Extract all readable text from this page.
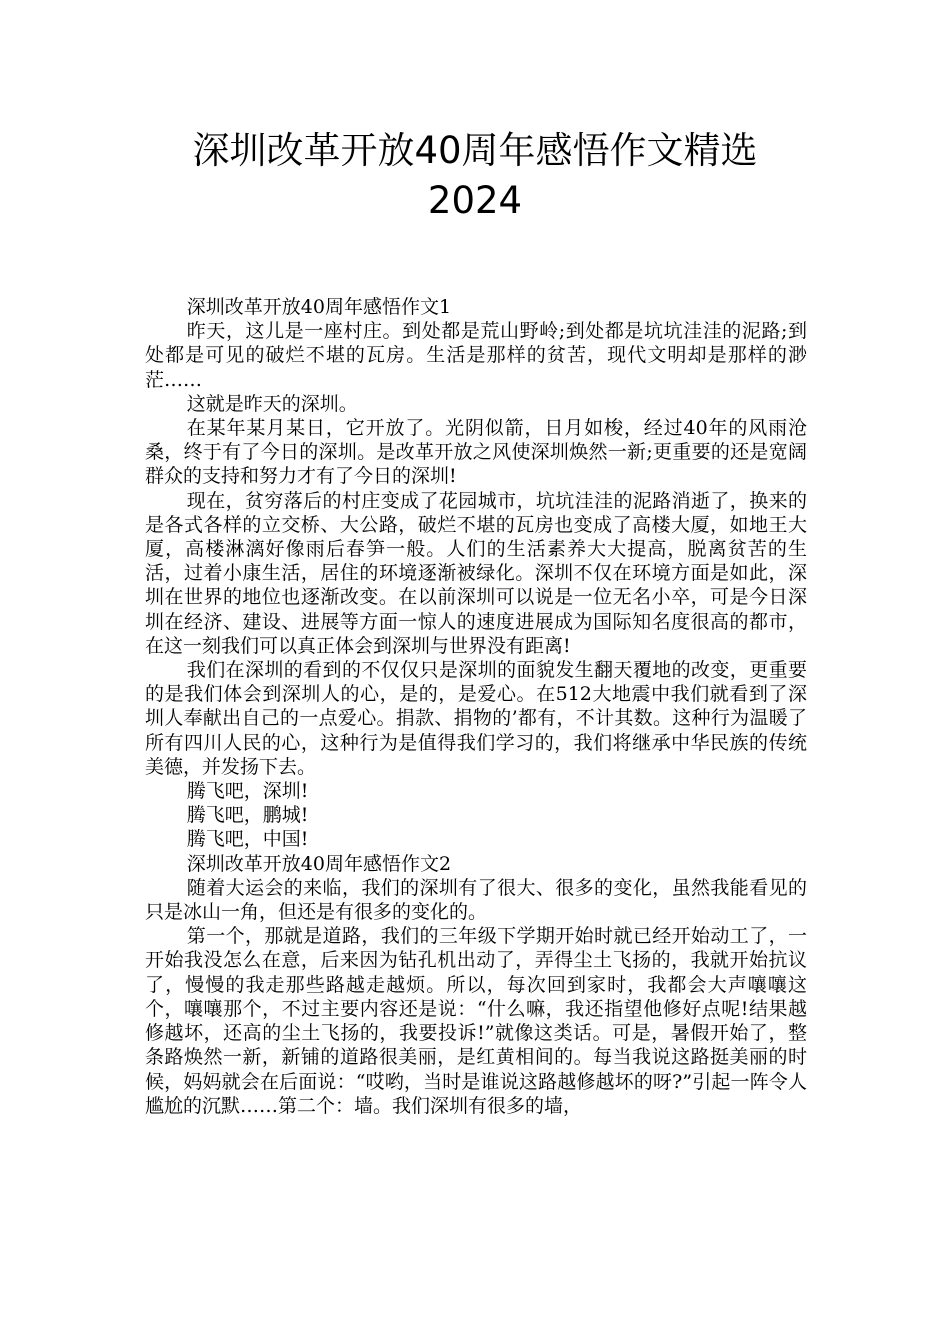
深圳改革开放40周年感悟作文精选
2024

深圳改革开放40周年感悟作文1

昨天，这儿是一座村庄。到处都是荒山野岭;到处都是坑坑洼洼的泥路;到处都是可见的破烂不堪的瓦房。生活是那样的贫苦，现代文明却是那样的渺茫……

这就是昨天的深圳。

在某年某月某日，它开放了。光阴似箭，日月如梭，经过40年的风雨沧桑，终于有了今日的深圳。是改革开放之风使深圳焕然一新;更重要的还是宽阔群众的支持和努力才有了今日的深圳!

现在，贫穷落后的村庄变成了花园城市，坑坑洼洼的泥路消逝了，换来的是各式各样的立交桥、大公路，破烂不堪的瓦房也变成了高楼大厦，如地王大厦，高楼淋漓好像雨后春笋一般。人们的生活素养大大提高，脱离贫苦的生活，过着小康生活，居住的环境逐渐被绿化。深圳不仅在环境方面是如此，深圳在世界的地位也逐渐改变。在以前深圳可以说是一位无名小卒，可是今日深圳在经济、建设、进展等方面一惊人的速度进展成为国际知名度很高的都市，在这一刻我们可以真正体会到深圳与世界没有距离!

我们在深圳的看到的不仅仅只是深圳的面貌发生翻天覆地的改变，更重要的是我们体会到深圳人的心，是的，是爱心。在512大地震中我们就看到了深圳人奉献出自己的一点爱心。捐款、捐物的’都有，不计其数。这种行为温暖了所有四川人民的心，这种行为是值得我们学习的，我们将继承中华民族的传统美德，并发扬下去。

腾飞吧，深圳!

腾飞吧，鹏城!

腾飞吧，中国!

深圳改革开放40周年感悟作文2

随着大运会的来临，我们的深圳有了很大、很多的变化，虽然我能看见的只是冰山一角，但还是有很多的变化的。

第一个，那就是道路，我们的三年级下学期开始时就已经开始动工了，一开始我没怎么在意，后来因为钻孔机出动了，弄得尘土飞扬的，我就开始抗议了，慢慢的我走那些路越走越烦。所以，每次回到家时，我都会大声嚷嚷这个，嚷嚷那个，不过主要内容还是说：“什么嘛，我还指望他修好点呢!结果越修越坏，还高的尘土飞扬的，我要投诉!”就像这类话。可是，暑假开始了，整条路焕然一新，新铺的道路很美丽，是红黄相间的。每当我说这路挺美丽的时候，妈妈就会在后面说：“哎哟，当时是谁说这路越修越坏的呀?”引起一阵令人尴尬的沉默……第二个：墙。我们深圳有很多的墙，
